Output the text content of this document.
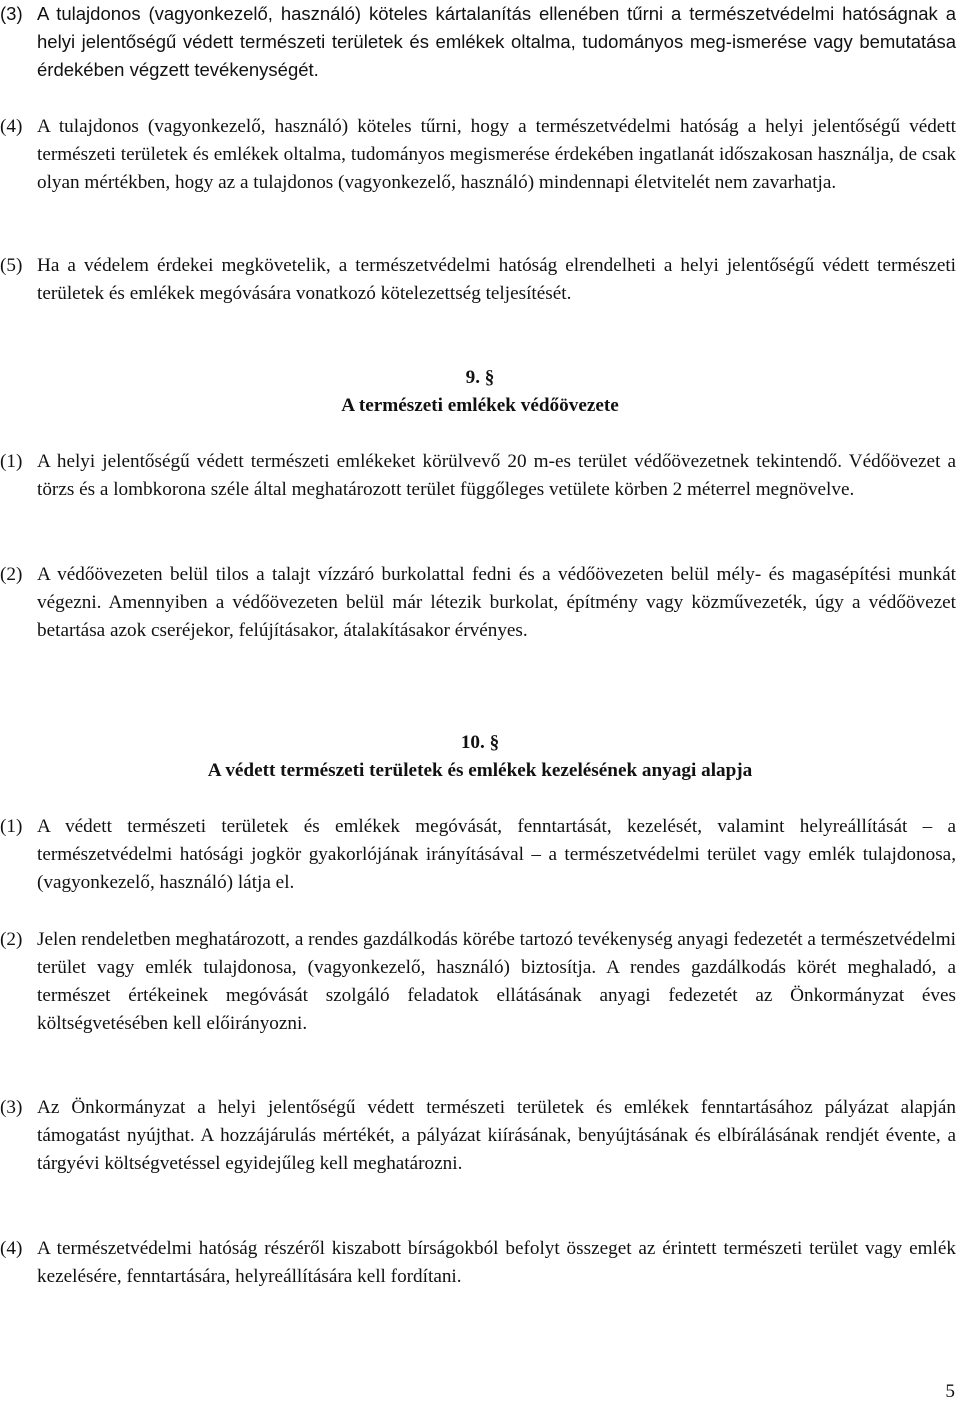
(3) A tulajdonos (vagyonkezelő, használó) köteles kártalanítás ellenében tűrni a természetvédelmi hatóságnak a helyi jelentőségű védett természeti területek és emlékek oltalma, tudományos meg-ismerése vagy bemutatása érdekében végzett tevékenységét.

(4) A tulajdonos (vagyonkezelő, használó) köteles tűrni, hogy a természetvédelmi hatóság a helyi jelentőségű védett természeti területek és emlékek oltalma, tudományos megismerése érdekében ingatlanát időszakosan használja, de csak olyan mértékben, hogy az a tulajdonos (vagyonkezelő, használó) mindennapi életvitelét nem zavarhatja.

(5) Ha a védelem érdekei megkövetelik, a természetvédelmi hatóság elrendelheti a helyi jelentőségű védett természeti területek és emlékek megóvására vonatkozó kötelezettség teljesítését.

9. §
A természeti emlékek védőövezete

(1) A helyi jelentőségű védett természeti emlékeket körülvevő 20 m-es terület védőövezetnek tekintendő. Védőövezet a törzs és a lombkorona széle által meghatározott terület függőleges vetülete körben 2 méterrel megnövelve.

(2) A védőövezeten belül tilos a talajt vízzáró burkolattal fedni és a védőövezeten belül mély- és magasépítési munkát végezni. Amennyiben a védőövezeten belül már létezik burkolat, építmény vagy közművezeték, úgy a védőövezet betartása azok cseréjekor, felújításakor, átalakításakor érvényes.

10. §
A védett természeti területek és emlékek kezelésének anyagi alapja

(1) A védett természeti területek és emlékek megóvását, fenntartását, kezelését, valamint helyreállítását – a természetvédelmi hatósági jogkör gyakorlójának irányításával – a természetvédelmi terület vagy emlék tulajdonosa, (vagyonkezelő, használó) látja el.

(2) Jelen rendeletben meghatározott, a rendes gazdálkodás körébe tartozó tevékenység anyagi fedezetét a természetvédelmi terület vagy emlék tulajdonosa, (vagyonkezelő, használó) biztosítja. A rendes gazdálkodás körét meghaladó, a természet értékeinek megóvását szolgáló feladatok ellátásának anyagi fedezetét az Önkormányzat éves költségvetésében kell előirányozni.

(3) Az Önkormányzat a helyi jelentőségű védett természeti területek és emlékek fenntartásához pályázat alapján támogatást nyújthat. A hozzájárulás mértékét, a pályázat kiírásának, benyújtásának és elbírálásának rendjét évente, a tárgyévi költségvetéssel egyidejűleg kell meghatározni.

(4) A természetvédelmi hatóság részéről kiszabott bírságokból befolyt összeget az érintett természeti terület vagy emlék kezelésére, fenntartására, helyreállítására kell fordítani.

5
